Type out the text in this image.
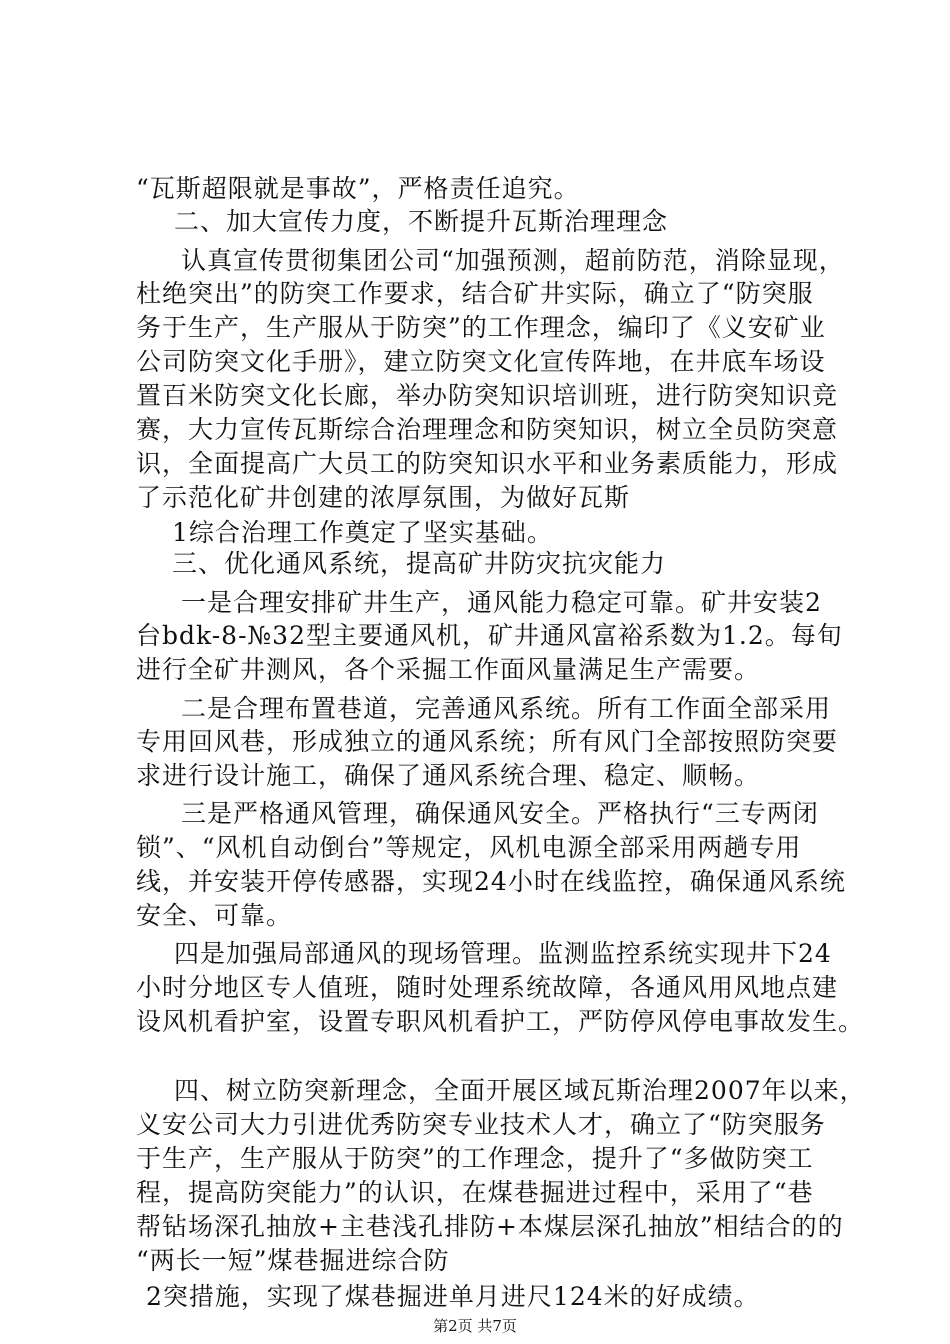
“瓦斯超限就是事故”，严格责任追究。
二、加大宣传力度，不断提升瓦斯治理理念
认真宣传贯彻集团公司“加强预测，超前防范，消除显现，
杜绝突出”的防突工作要求，结合矿井实际，确立了“防突服
务于生产，生产服从于防突”的工作理念，编印了《义安矿业
公司防突文化手册》，建立防突文化宣传阵地，在井底车场设
置百米防突文化长廊，举办防突知识培训班，进行防突知识竞
赛，大力宣传瓦斯综合治理理念和防突知识，树立全员防突意
识，全面提高广大员工的防突知识水平和业务素质能力，形成
了示范化矿井创建的浓厚氛围，为做好瓦斯
1综合治理工作奠定了坚实基础。
三、优化通风系统，提高矿井防灾抗灾能力
一是合理安排矿井生产，通风能力稳定可靠。矿井安装2
台bdk-8-№32型主要通风机，矿井通风富裕系数为1.2。每旬
进行全矿井测风，各个采掘工作面风量满足生产需要。
二是合理布置巷道，完善通风系统。所有工作面全部采用
专用回风巷，形成独立的通风系统；所有风门全部按照防突要
求进行设计施工，确保了通风系统合理、稳定、顺畅。
三是严格通风管理，确保通风安全。严格执行“三专两闭
锁”、“风机自动倒台”等规定，风机电源全部采用两趟专用
线，并安装开停传感器，实现24小时在线监控，确保通风系统
安全、可靠。
四是加强局部通风的现场管理。监测监控系统实现井下24
小时分地区专人值班，随时处理系统故障，各通风用风地点建
设风机看护室，设置专职风机看护工，严防停风停电事故发生。
四、树立防突新理念，全面开展区域瓦斯治理2007年以来，
义安公司大力引进优秀防突专业技术人才，确立了“防突服务
于生产，生产服从于防突”的工作理念，提升了“多做防突工
程，提高防突能力”的认识，在煤巷掘进过程中，采用了“巷
帮钻场深孔抽放+主巷浅孔排防+本煤层深孔抽放”相结合的的
“两长一短”煤巷掘进综合防
2突措施，实现了煤巷掘进单月进尺124米的好成绩。
第2页 共7页
